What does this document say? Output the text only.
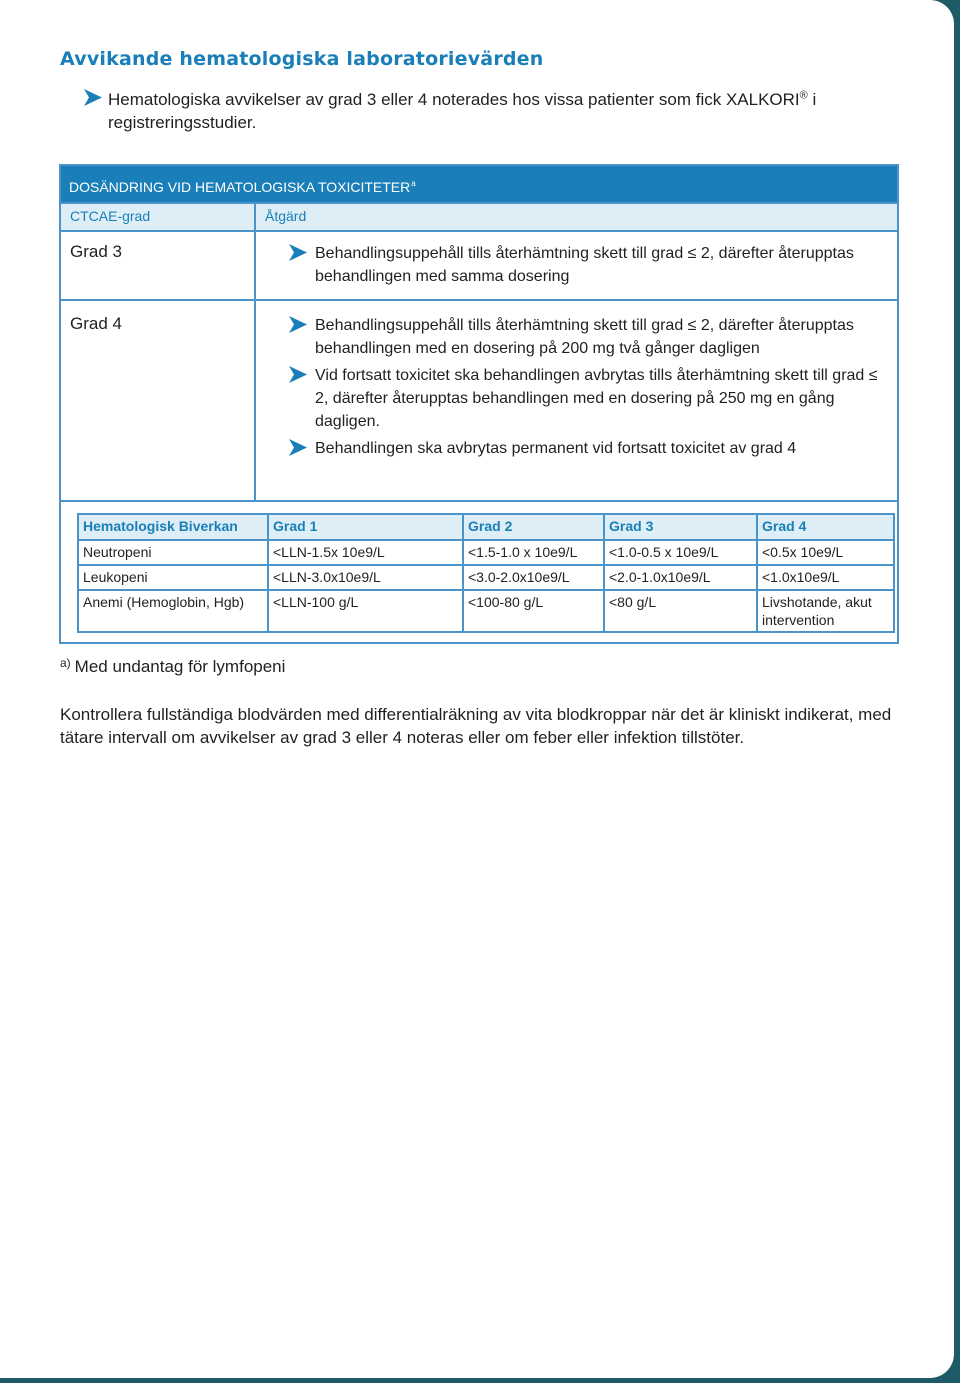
Avvikande hematologiska laboratorievärden
Hematologiska avvikelser av grad 3 eller 4 noterades hos vissa patienter som fick XALKORI® i registreringsstudier.
DOSÄNDRING VID HEMATOLOGISKA TOXICITETER$^a$
CTCAE-grad	Åtgärd
Grad 3	Behandlingsuppehåll tills återhämtning skett till grad ≤ 2, därefter återupptas behandlingen med samma dosering
Grad 4	Behandlingsuppehåll tills återhämtning skett till grad ≤ 2, därefter återupptas behandlingen med en dosering på 200 mg två gånger dagligen
Vid fortsatt toxicitet ska behandlingen avbrytas tills återhämtning skett till grad ≤ 2, därefter återupptas behandlingen med en dosering på 250 mg en gång dagligen.
Behandlingen ska avbrytas permanent vid fortsatt toxicitet av grad 4
Hematologisk Biverkan	Grad 1	Grad 2	Grad 3	Grad 4
Neutropeni	<LLN-1.5x 10e9/L	<1.5-1.0 x 10e9/L	<1.0-0.5 x 10e9/L	<0.5x 10e9/L
Leukopeni	<LLN-3.0x10e9/L	<3.0-2.0x10e9/L	<2.0-1.0x10e9/L	<1.0x10e9/L
Anemi (Hemoglobin, Hgb)	<LLN-100 g/L	<100-80 g/L	<80 g/L	Livshotande, akut intervention
$^{a)}$ Med undantag för lymfopeni

Kontrollera fullständiga blodvärden med differentialräkning av vita blodkroppar när det är kliniskt indikerat, med tätare intervall om avvikelser av grad 3 eller 4 noteras eller om feber eller infektion tillstöter.
